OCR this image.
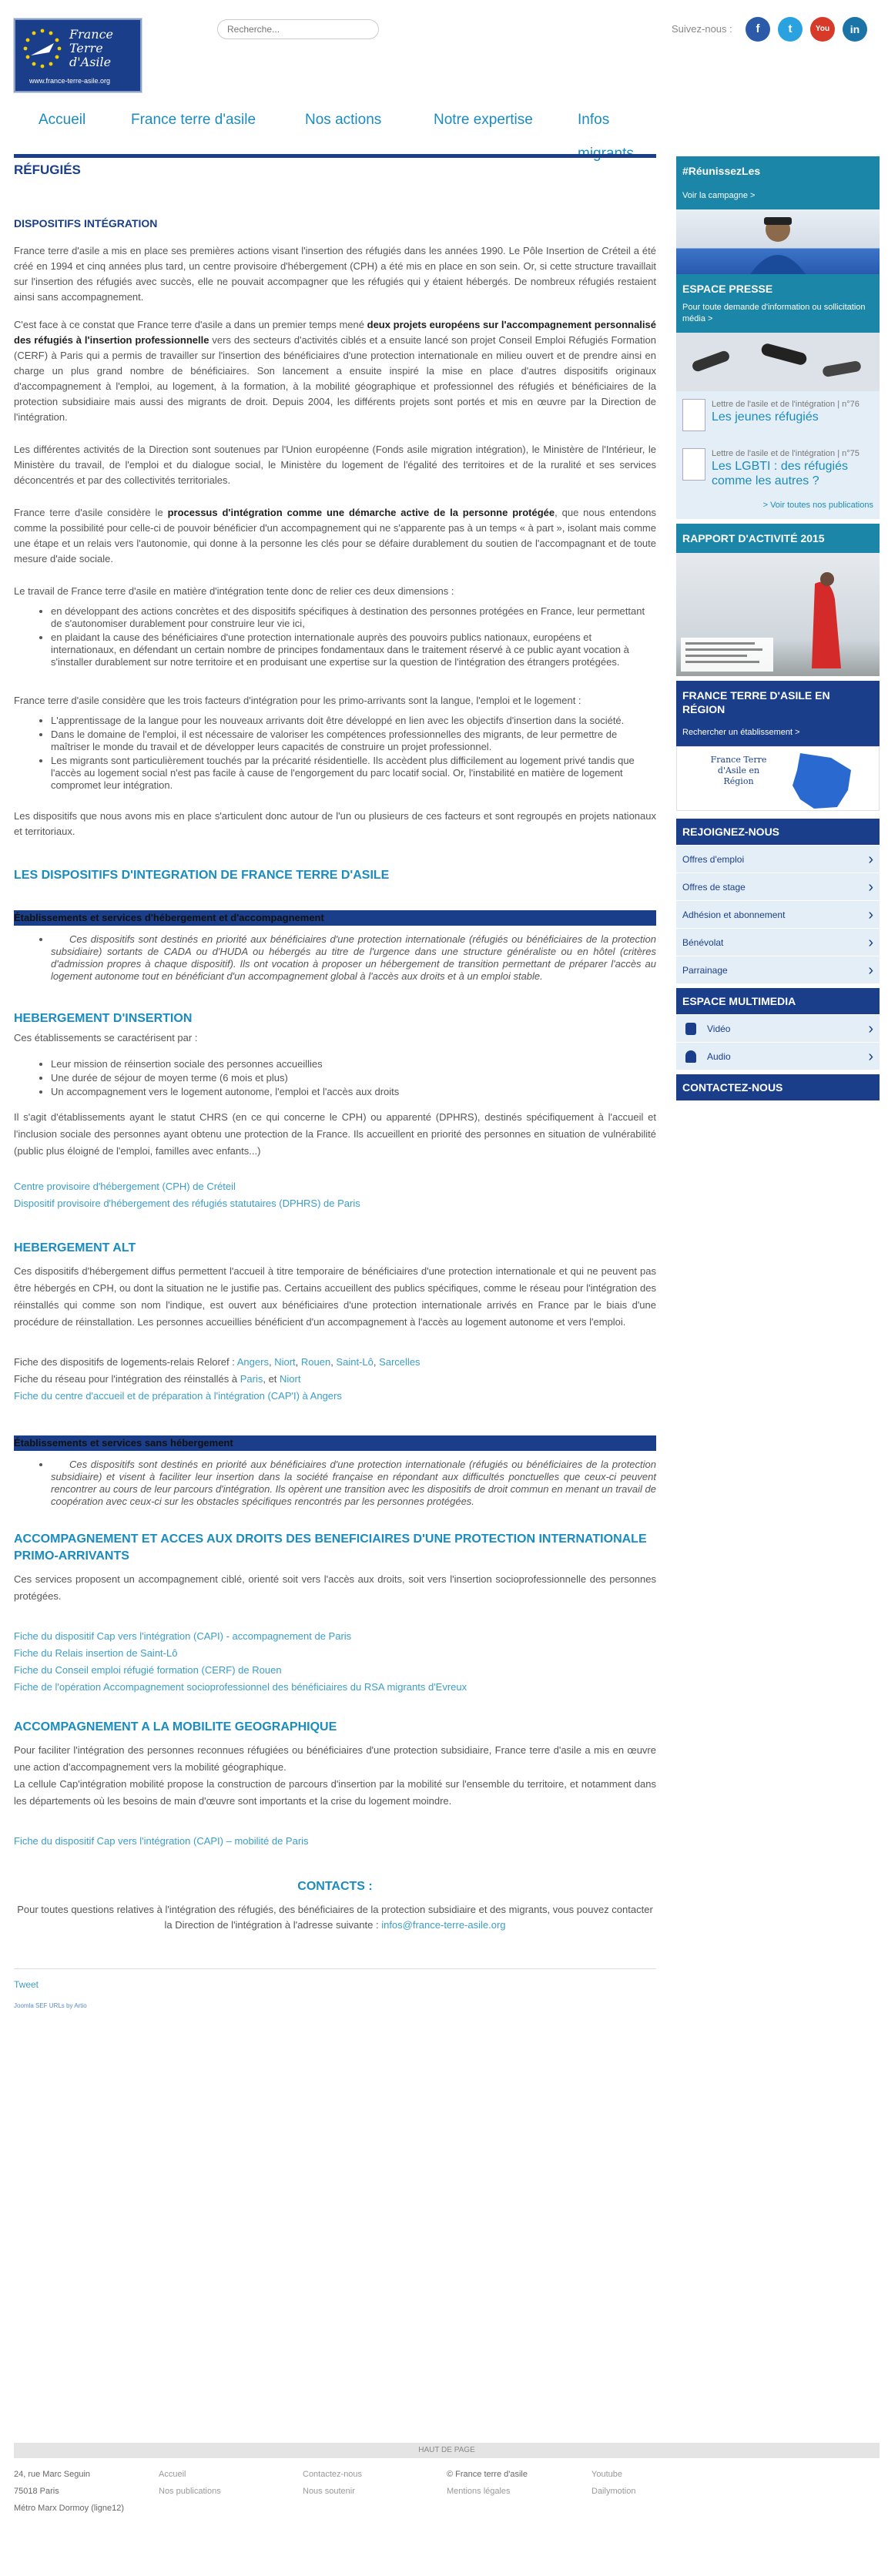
France Terre d'Asile
www.france-terre-asile.org
Recherche...
Suivez-nous :	f	t	You Tube
in
Accueil	France terre d'asile	Nos actions	Notre expertise	Infos
RÉFUGIÉS
DISPOSITIFS INTÉGRATION

France terre d'asile a mis en place ses premières actions visant l'insertion des réfugiés dans les années 1990. Le Pôle Insertion de Créteil a été créé en 1994 et cinq années plus tard, un centre provisoire d'hébergement (CPH) a été mis en place en son sein. Or, si cette structure travaillait sur l'insertion des réfugiés avec succès, elle ne pouvait accompagner que les réfugiés qui y étaient hébergés. De nombreux réfugiés restaient ainsi sans accompagnement.

C'est face à ce constat que France terre d'asile a dans un premier temps mené deux projets européens sur l'accompagnement personnalisé des réfugiés à l'insertion professionnelle vers des secteurs d'activités ciblés et a ensuite lancé son projet Conseil Emploi Réfugiés Formation (CERF) à Paris qui a permis de travailler sur l'insertion des bénéficiaires d'une protection internationale en milieu ouvert et de prendre ainsi en charge un plus grand nombre de bénéficiaires. Son lancement a ensuite inspiré la mise en place d'autres dispositifs originaux d'accompagnement à l'emploi, au logement, à la formation, à la mobilité géographique et professionnel des réfugiés et bénéficiaires de la protection subsidiaire mais aussi des migrants de droit. Depuis 2004, les différents projets sont portés et mis en œuvre par la Direction de l'intégration.

Les différentes activités de la Direction sont soutenues par l'Union européenne (Fonds asile migration intégration), le Ministère de l'Intérieur, le Ministère du travail, de l'emploi et du dialogue social, le Ministère du logement de l'égalité des territoires et de la ruralité et ses services déconcentrés et par des collectivités territoriales.

France terre d'asile considère le processus d'intégration comme une démarche active de la personne protégée, que nous entendons comme la possibilité pour celle-ci de pouvoir bénéficier d'un accompagnement qui ne s'apparente pas à un temps « à part », isolant mais comme une étape et un relais vers l'autonomie, qui donne à la personne les clés pour se défaire durablement du soutien de l'accompagnant et de toute mesure d'aide sociale.

Le travail de France terre d'asile en matière d'intégration tente donc de relier ces deux dimensions :

• en développant des actions concrètes et des dispositifs spécifiques à destination des personnes protégées en France, leur permettant de s'autonomiser durablement pour construire leur vie ici,
• en plaidant la cause des bénéficiaires d'une protection internationale auprès des pouvoirs publics nationaux, européens et internationaux, en défendant un certain nombre de principes fondamentaux dans le traitement réservé à ce public ayant vocation à s'installer durablement sur notre territoire et en produisant une expertise sur la question de l'intégration des étrangers protégées.

France terre d'asile considère que les trois facteurs d'intégration pour les primo-arrivants sont la langue, l'emploi et le logement :

• L'apprentissage de la langue pour les nouveaux arrivants doit être développé en lien avec les objectifs d'insertion dans la société.
• Dans le domaine de l'emploi, il est nécessaire de valoriser les compétences professionnelles des migrants, de leur permettre de maîtriser le monde du travail et de développer leurs capacités de construire un projet professionnel.
• Les migrants sont particulièrement touchés par la précarité résidentielle. Ils accèdent plus difficilement au logement privé tandis que l'accès au logement social n'est pas facile à cause de l'engorgement du parc locatif social. Or, l'instabilité en matière de logement compromet leur intégration.

Les dispositifs que nous avons mis en place s'articulent donc autour de l'un ou plusieurs de ces facteurs et sont regroupés en projets nationaux et territoriaux.

LES DISPOSITIFS D'INTEGRATION DE FRANCE TERRE D'ASILE
Établissements et services d'hébergement et d'accompagnement
• Ces dispositifs sont destinés en priorité aux bénéficiaires d'une protection internationale (réfugiés ou bénéficiaires de la protection subsidiaire) sortants de CADA ou d'HUDA ou hébergés au titre de l'urgence dans une structure généraliste ou en hôtel (critères d'admission propres à chaque dispositif). Ils ont vocation à proposer un hébergement de transition permettant de préparer l'accès au logement autonome tout en bénéficiant d'un accompagnement global à l'accès aux droits et à un emploi stable.
HEBERGEMENT D'INSERTION

Ces établissements se caractérisent par :

• Leur mission de réinsertion sociale des personnes accueillies
• Une durée de séjour de moyen terme (6 mois et plus)
• Un accompagnement vers le logement autonome, l'emploi et l'accès aux droits

Il s'agit d'établissements ayant le statut CHRS (en ce qui concerne le CPH) ou apparenté (DPHRS), destinés spécifiquement à l'accueil et l'inclusion sociale des personnes ayant obtenu une protection de la France. Ils accueillent en priorité des personnes en situation de vulnérabilité (public plus éloigné de l'emploi, familles avec enfants...)

Centre provisoire d'hébergement (CPH) de Créteil
Dispositif provisoire d'hébergement des réfugiés statutaires (DPHRS) de Paris
HEBERGEMENT ALT

Ces dispositifs d'hébergement diffus permettent l'accueil à titre temporaire de bénéficiaires d'une protection internationale et qui ne peuvent pas être hébergés en CPH, ou dont la situation ne le justifie pas. Certains accueillent des publics spécifiques, comme le réseau pour l'intégration des réinstallés qui comme son nom l'indique, est ouvert aux bénéficiaires d'une protection internationale arrivés en France par le biais d'une procédure de réinstallation. Les personnes accueillies bénéficient d'un accompagnement à l'accès au logement autonome et vers l'emploi.

Fiche des dispositifs de logements-relais Reloref : Angers, Niort, Rouen, Saint-Lô, Sarcelles
Fiche du réseau pour l'intégration des réinstallés à Paris, et Niort
Fiche du centre d'accueil et de préparation à l'intégration (CAP'I) à Angers
Établissements et services sans hébergement
• Ces dispositifs sont destinés en priorité aux bénéficiaires d'une protection internationale (réfugiés ou bénéficiaires de la protection subsidiaire) et visent à faciliter leur insertion dans la société française en répondant aux difficultés ponctuelles que ceux-ci peuvent rencontrer au cours de leur parcours d'intégration. Ils opèrent une transition avec les dispositifs de droit commun en menant un travail de coopération avec ceux-ci sur les obstacles spécifiques rencontrés par les personnes protégées.
ACCOMPAGNEMENT ET ACCES AUX DROITS DES BENEFICIAIRES D'UNE PROTECTION INTERNATIONALE PRIMO-ARRIVANTS

Ces services proposent un accompagnement ciblé, orienté soit vers l'accès aux droits, soit vers l'insertion socioprofessionnelle des personnes protégées.

Fiche du dispositif Cap vers l'intégration (CAPI) - accompagnement de Paris
Fiche du Relais insertion de Saint-Lô
Fiche du Conseil emploi réfugié formation (CERF) de Rouen
Fiche de l'opération Accompagnement socioprofessionnel des bénéficiaires du RSA migrants d'Evreux
ACCOMPAGNEMENT A LA MOBILITE GEOGRAPHIQUE

Pour faciliter l'intégration des personnes reconnues réfugiées ou bénéficiaires d'une protection subsidiaire, France terre d'asile a mis en œuvre une action d'accompagnement vers la mobilité géographique.

La cellule Cap'intégration mobilité propose la construction de parcours d'insertion par la mobilité sur l'ensemble du territoire, et notamment dans les départements où les besoins de main d'œuvre sont importants et la crise du logement moindre.

Fiche du dispositif Cap vers l'intégration (CAPI) – mobilité de Paris
CONTACTS :
Pour toutes questions relatives à l'intégration des réfugiés, des bénéficiaires de la protection subsidiaire et des migrants, vous pouvez contacter la Direction de l'intégration à l'adresse suivante : infos@france-terre-asile.org
Tweet
Joomla SEF URLs by Artio
#RéunissezLes
Voir la campagne >
ESPACE PRESSE
Pour toute demande d'information ou sollicitation média >
Lettre de l'asile et de l'intégration | n°76
Les jeunes réfugiés
Lettre de l'asile et de l'intégration | n°75
Les LGBTI : des réfugiés comme les autres ?
> Voir toutes nos publications
RAPPORT D'ACTIVITÉ 2015
FRANCE TERRE D'ASILE EN RÉGION
Rechercher un établissement >
France Terre d'Asile en Région
REJOIGNEZ-NOUS
Offres d'emploi	›
Offres de stage	›
Adhésion et abonnement	›
Bénévolat	›
Parrainage	›
ESPACE MULTIMEDIA
Vidéo	›
Audio	›
CONTACTEZ-NOUS
HAUT DE PAGE
24, rue Marc Seguin
75018 Paris
Métro Marx Dormoy (ligne12)
Accueil
Nos publications
Contactez-nous
Nous soutenir
© France terre d'asile
Mentions légales
Youtube
Dailymotion
